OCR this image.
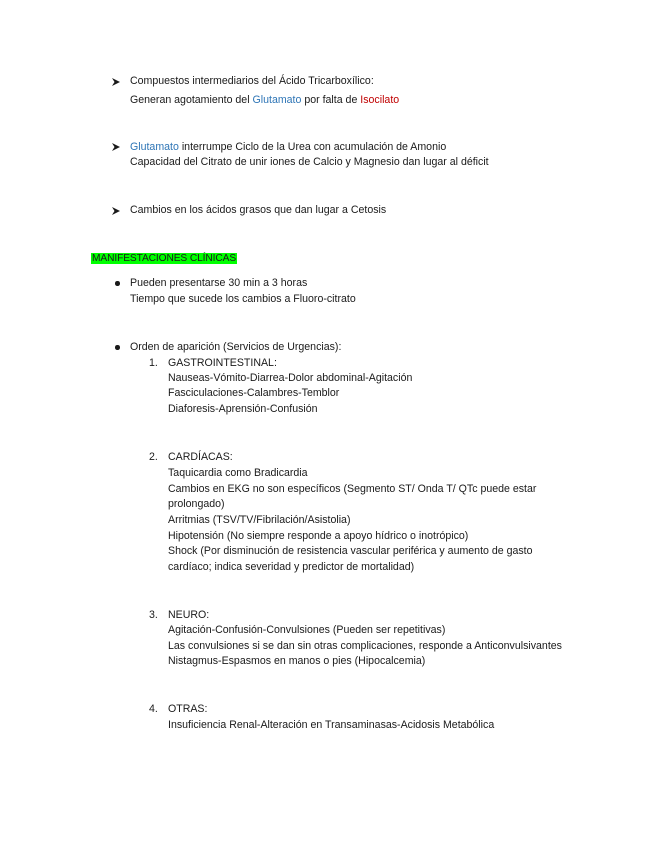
Compuestos intermediarios del Ácido Tricarboxílico:
Generan agotamiento del Glutamato por falta de Isocilato
Glutamato interrumpe Ciclo de la Urea con acumulación de Amonio
Capacidad del Citrato de unir iones de Calcio y Magnesio dan lugar al déficit
Cambios en los ácidos grasos que dan lugar a Cetosis
MANIFESTACIONES CLÍNICAS
Pueden presentarse 30 min a 3 horas
Tiempo que sucede los cambios a Fluoro-citrato
Orden de aparición (Servicios de Urgencias):
1. GASTROINTESTINAL:
Nauseas-Vómito-Diarrea-Dolor abdominal-Agitación
Fasciculaciones-Calambres-Temblor
Diaforesis-Aprensión-Confusión
2. CARDÍACAS:
Taquicardia como Bradicardia
Cambios en EKG no son específicos (Segmento ST/ Onda T/ QTc puede estar
prolongado)
Arritmias (TSV/TV/Fibrilación/Asistolia)
Hipotensión (No siempre responde a apoyo hídrico o inotrópico)
Shock (Por disminución de resistencia vascular periférica y aumento de gasto
cardíaco; indica severidad y predictor de mortalidad)
3. NEURO:
Agitación-Confusión-Convulsiones (Pueden ser repetitivas)
Las convulsiones si se dan sin otras complicaciones, responde a Anticonvulsivantes
Nistagmus-Espasmos en manos o pies (Hipocalcemia)
4. OTRAS:
Insuficiencia Renal-Alteración en Transaminasas-Acidosis Metabólica
